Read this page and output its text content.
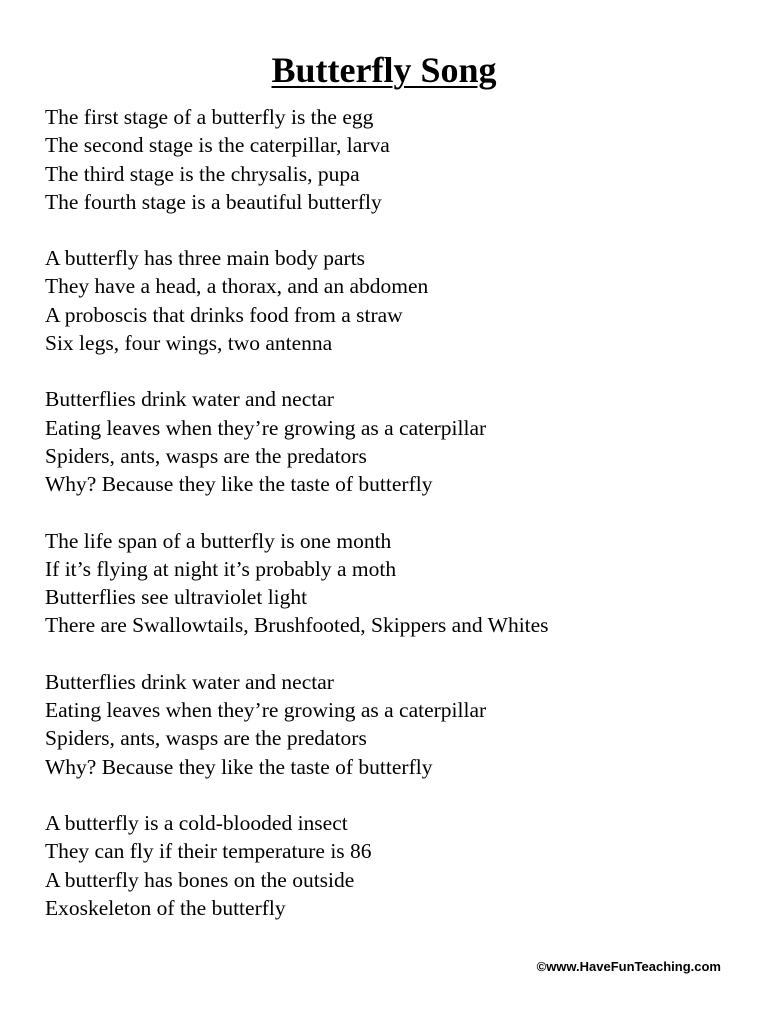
Butterfly Song
The first stage of a butterfly is the egg
The second stage is the caterpillar, larva
The third stage is the chrysalis, pupa
The fourth stage is a beautiful butterfly
A butterfly has three main body parts
They have a head, a thorax, and an abdomen
A proboscis that drinks food from a straw
Six legs, four wings, two antenna
Butterflies drink water and nectar
Eating leaves when they’re growing as a caterpillar
Spiders, ants, wasps are the predators
Why? Because they like the taste of butterfly
The life span of a butterfly is one month
If it’s flying at night it’s probably a moth
Butterflies see ultraviolet light
There are Swallowtails, Brushfooted, Skippers and Whites
Butterflies drink water and nectar
Eating leaves when they’re growing as a caterpillar
Spiders, ants, wasps are the predators
Why? Because they like the taste of butterfly
A butterfly is a cold-blooded insect
They can fly if their temperature is 86
A butterfly has bones on the outside
Exoskeleton of the butterfly
©www.HaveFunTeaching.com
